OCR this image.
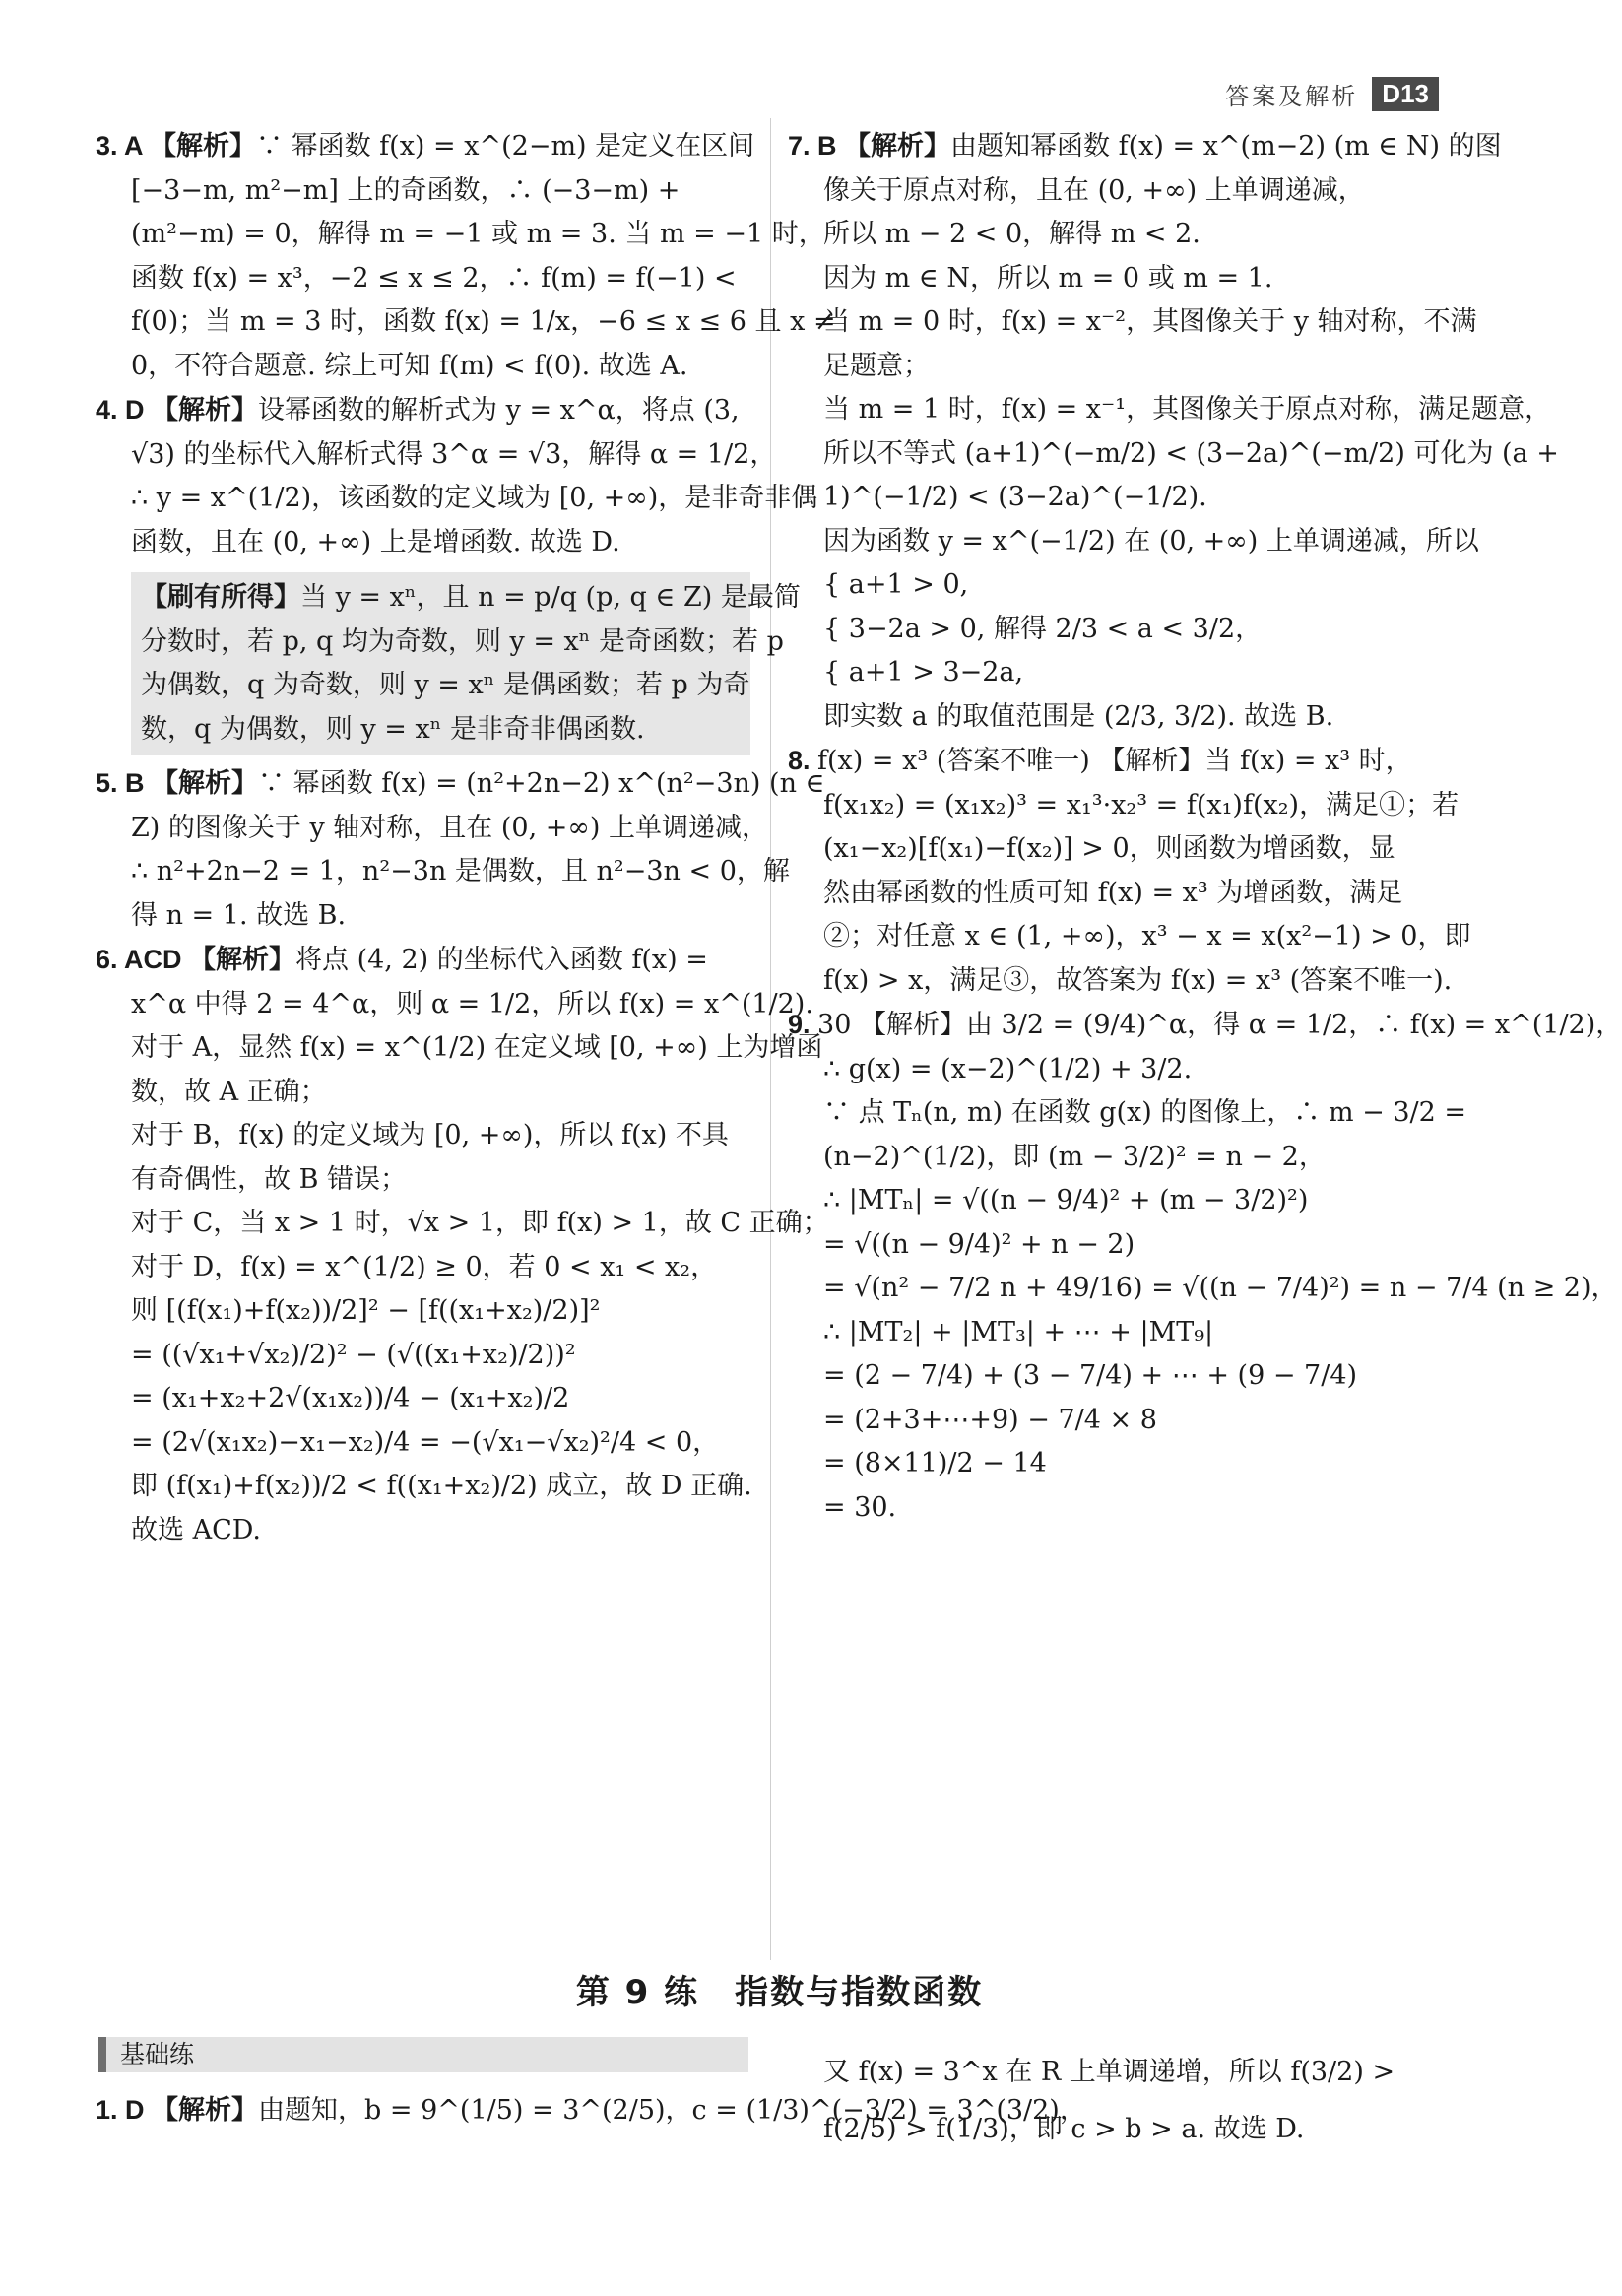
答案及解析 D13
3. A 【解析】∵ 幂函数 f(x) = x^(2−m) 是定义在区间
[−3−m, m²−m] 上的奇函数，∴ (−3−m) +
(m²−m) = 0，解得 m = −1 或 m = 3. 当 m = −1 时，
函数 f(x) = x³，−2 ≤ x ≤ 2，∴ f(m) = f(−1) <
f(0)；当 m = 3 时，函数 f(x) = 1/x，−6 ≤ x ≤ 6 且 x ≠
0，不符合题意. 综上可知 f(m) < f(0). 故选 A.
4. D 【解析】设幂函数的解析式为 y = x^α，将点 (3,
√3) 的坐标代入解析式得 3^α = √3，解得 α = 1/2，
∴ y = x^(1/2)，该函数的定义域为 [0, +∞)，是非奇非偶
函数，且在 (0, +∞) 上是增函数. 故选 D.
【刷有所得】当 y = xⁿ，且 n = p/q (p, q ∈ Z) 是最简
分数时，若 p, q 均为奇数，则 y = xⁿ 是奇函数；若 p
为偶数，q 为奇数，则 y = xⁿ 是偶函数；若 p 为奇
数，q 为偶数，则 y = xⁿ 是非奇非偶函数.
5. B 【解析】∵ 幂函数 f(x) = (n²+2n−2) x^(n²−3n) (n ∈
Z) 的图像关于 y 轴对称，且在 (0, +∞) 上单调递减，
∴ n²+2n−2 = 1，n²−3n 是偶数，且 n²−3n < 0，解
得 n = 1. 故选 B.
6. ACD 【解析】将点 (4, 2) 的坐标代入函数 f(x) =
x^α 中得 2 = 4^α，则 α = 1/2，所以 f(x) = x^(1/2).
对于 A，显然 f(x) = x^(1/2) 在定义域 [0, +∞) 上为增函
数，故 A 正确；
对于 B，f(x) 的定义域为 [0, +∞)，所以 f(x) 不具
有奇偶性，故 B 错误；
对于 C，当 x > 1 时，√x > 1，即 f(x) > 1，故 C 正确；
对于 D，f(x) = x^(1/2) ≥ 0，若 0 < x₁ < x₂，
则 [(f(x₁)+f(x₂))/2]² − [f((x₁+x₂)/2)]²
= ((√x₁+√x₂)/2)² − (√((x₁+x₂)/2))²
= (x₁+x₂+2√(x₁x₂))/4 − (x₁+x₂)/2
= (2√(x₁x₂)−x₁−x₂)/4 = −(√x₁−√x₂)²/4 < 0，
即 (f(x₁)+f(x₂))/2 < f((x₁+x₂)/2) 成立，故 D 正确.
故选 ACD.
7. B 【解析】由题知幂函数 f(x) = x^(m−2) (m ∈ N) 的图
像关于原点对称，且在 (0, +∞) 上单调递减，
所以 m − 2 < 0，解得 m < 2.
因为 m ∈ N，所以 m = 0 或 m = 1.
当 m = 0 时，f(x) = x⁻²，其图像关于 y 轴对称，不满
足题意；
当 m = 1 时，f(x) = x⁻¹，其图像关于原点对称，满足题意，
所以不等式 (a+1)^(−m/2) < (3−2a)^(−m/2) 可化为 (a +
1)^(−1/2) < (3−2a)^(−1/2).
因为函数 y = x^(−1/2) 在 (0, +∞) 上单调递减，所以
{ a+1 > 0,
{ 3−2a > 0, 解得 2/3 < a < 3/2，
{ a+1 > 3−2a,
即实数 a 的取值范围是 (2/3, 3/2). 故选 B.
8. f(x) = x³ (答案不唯一) 【解析】当 f(x) = x³ 时，
f(x₁x₂) = (x₁x₂)³ = x₁³·x₂³ = f(x₁)f(x₂)，满足①；若
(x₁−x₂)[f(x₁)−f(x₂)] > 0，则函数为增函数，显
然由幂函数的性质可知 f(x) = x³ 为增函数，满足
②；对任意 x ∈ (1, +∞)，x³ − x = x(x²−1) > 0，即
f(x) > x，满足③，故答案为 f(x) = x³ (答案不唯一).
9. 30 【解析】由 3/2 = (9/4)^α，得 α = 1/2，∴ f(x) = x^(1/2)，
∴ g(x) = (x−2)^(1/2) + 3/2.
∵ 点 Tₙ(n, m) 在函数 g(x) 的图像上，∴ m − 3/2 =
(n−2)^(1/2)，即 (m − 3/2)² = n − 2，
∴ |MTₙ| = √((n − 9/4)² + (m − 3/2)²)
= √((n − 9/4)² + n − 2)
= √(n² − 7/2 n + 49/16) = √((n − 7/4)²) = n − 7/4 (n ≥ 2)，
∴ |MT₂| + |MT₃| + ⋯ + |MT₉|
= (2 − 7/4) + (3 − 7/4) + ⋯ + (9 − 7/4)
= (2+3+⋯+9) − 7/4 × 8
= (8×11)/2 − 14
= 30.
第 9 练　指数与指数函数
基础练
1. D 【解析】由题知，b = 9^(1/5) = 3^(2/5)，c = (1/3)^(−3/2) = 3^(3/2)，
又 f(x) = 3^x 在 R 上单调递增，所以 f(3/2) >
f(2/5) > f(1/3)，即 c > b > a. 故选 D.
